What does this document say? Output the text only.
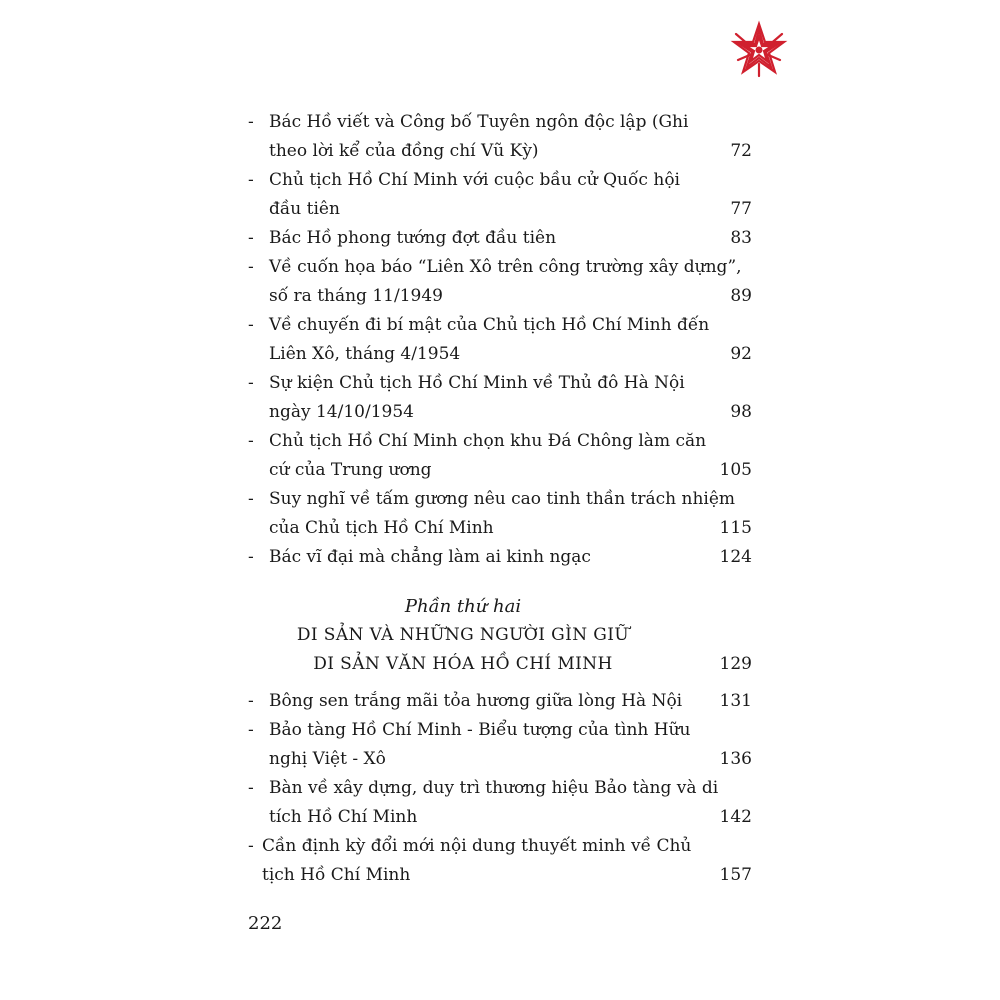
- Bác Hồ viết và Công bố Tuyên ngôn độc lập (Ghi
theo lời kể của đồng chí Vũ Kỳ)	72
- Chủ tịch Hồ Chí Minh với cuộc bầu cử Quốc hội
đầu tiên	77
- Bác Hồ phong tướng đợt đầu tiên	83
- Về cuốn họa báo “Liên Xô trên công trường xây dựng”,
số ra tháng 11/1949	89
- Về chuyến đi bí mật của Chủ tịch Hồ Chí Minh đến
Liên Xô, tháng 4/1954	92
- Sự kiện Chủ tịch Hồ Chí Minh về Thủ đô Hà Nội
ngày 14/10/1954	98
- Chủ tịch Hồ Chí Minh chọn khu Đá Chông làm căn
cứ của Trung ương	105
- Suy nghĩ về tấm gương nêu cao tinh thần trách nhiệm
của Chủ tịch Hồ Chí Minh	115
- Bác vĩ đại mà chẳng làm ai kinh ngạc	124
Phần thứ hai
DI SẢN VÀ NHỮNG NGƯỜI GÌN GIỮ
DI SẢN VĂN HÓA HỒ CHÍ MINH	129
- Bông sen trắng mãi tỏa hương giữa lòng Hà Nội 131
- Bảo tàng Hồ Chí Minh - Biểu tượng của tình Hữu
nghị Việt - Xô	136
- Bàn về xây dựng, duy trì thương hiệu Bảo tàng và di
tích Hồ Chí Minh	142
- Cần định kỳ đổi mới nội dung thuyết minh về Chủ
tịch Hồ Chí Minh	157
222
